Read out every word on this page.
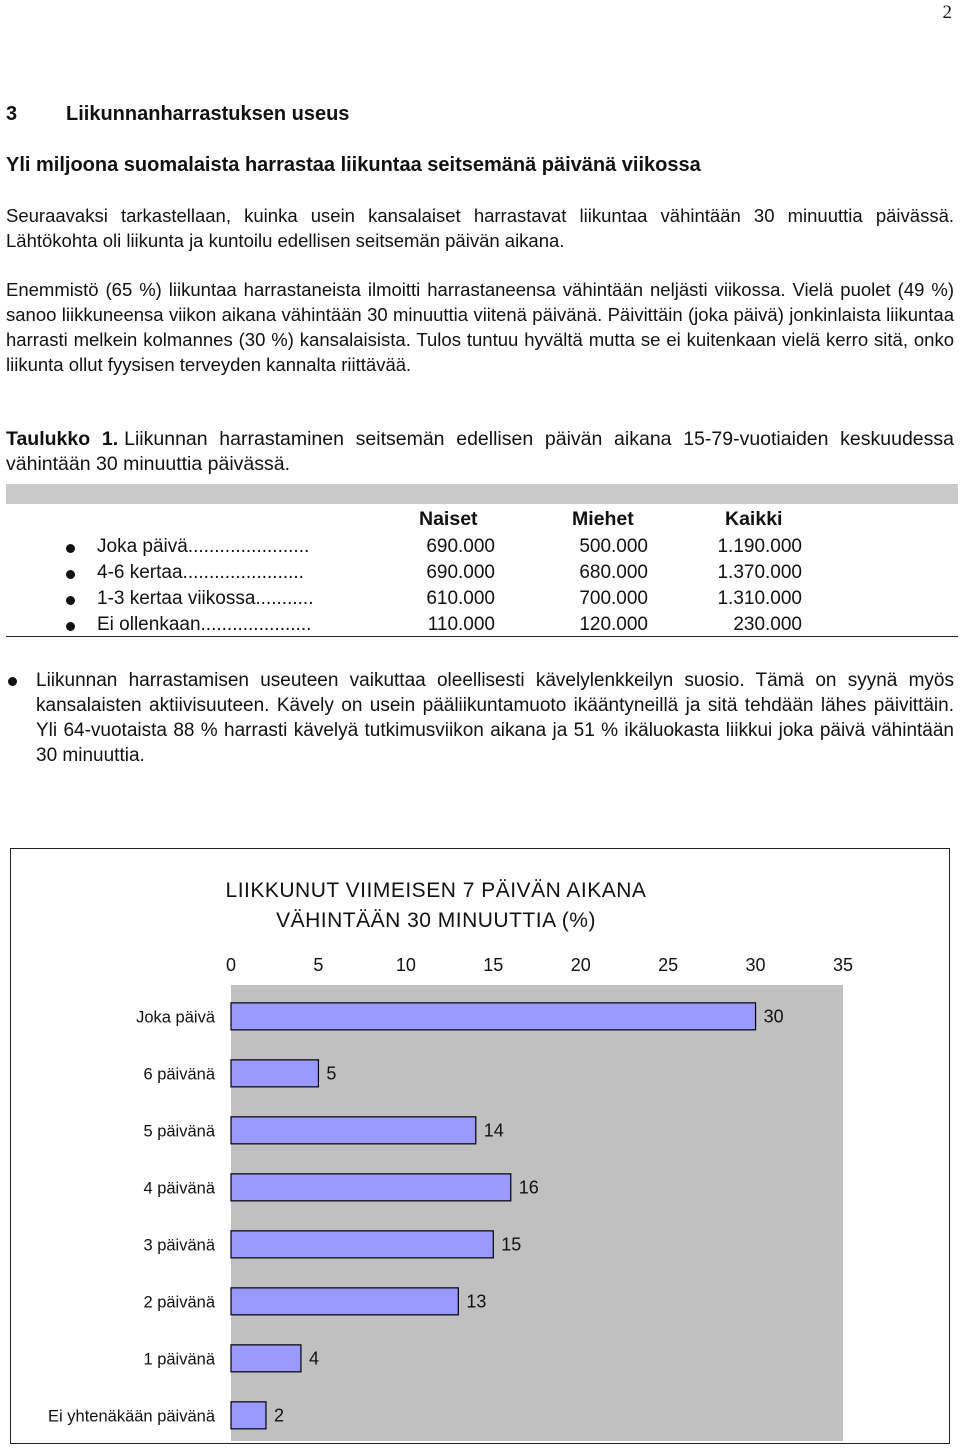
2
3 Liikunnanharrastuksen useus
Yli miljoona suomalaista harrastaa liikuntaa seitsemänä päivänä viikossa
Seuraavaksi tarkastellaan, kuinka usein kansalaiset harrastavat liikuntaa vähintään 30 minuuttia päivässä. Lähtökohta oli liikunta ja kuntoilu edellisen seitsemän päivän aikana.
Enemmistö (65 %) liikuntaa harrastaneista ilmoitti harrastaneensa vähintään neljästi viikossa. Vielä puolet (49 %) sanoo liikkuneensa viikon aikana vähintään 30 minuuttia viitenä päivänä. Päivittäin (joka päivä) jonkinlaista liikuntaa harrasti melkein kolmannes (30 %) kansalaisista. Tulos tuntuu hyvältä mutta se ei kuitenkaan vielä kerro sitä, onko liikunta ollut fyysisen terveyden kannalta riittävää.
Taulukko 1. Liikunnan harrastaminen seitsemän edellisen päivän aikana 15-79-vuotiaiden keskuudessa vähintään 30 minuuttia päivässä.
Naiset	Miehet	Kaikki
Joka päivä.......................	690.000	500.000	1.190.000
4-6 kertaa.......................	690.000	680.000	1.370.000
1-3 kertaa viikossa...........	610.000	700.000	1.310.000
Ei ollenkaan.....................	110.000	120.000	230.000
Liikunnan harrastamisen useuteen vaikuttaa oleellisesti kävelylenkkeilyn suosio. Tämä on syynä myös kansalaisten aktiivisuuteen. Kävely on usein pääliikuntamuoto ikääntyneillä ja sitä tehdään lähes päivittäin. Yli 64-vuotaista 88 % harrasti kävelyä tutkimusviikon aikana ja 51 % ikäluokasta liikkui joka päivä vähintään 30 minuuttia.
LIIKKUNUT VIIMEISEN 7 PÄIVÄN AIKANA
VÄHINTÄÄN 30 MINUUTTIA (%)
0	5	10	15	20	25	30	35
Joka päivä	30
6 päivänä	5
5 päivänä	14
4 päivänä	16
3 päivänä	15
2 päivänä	13
1 päivänä	4
Ei yhtenäkään päivänä	2
